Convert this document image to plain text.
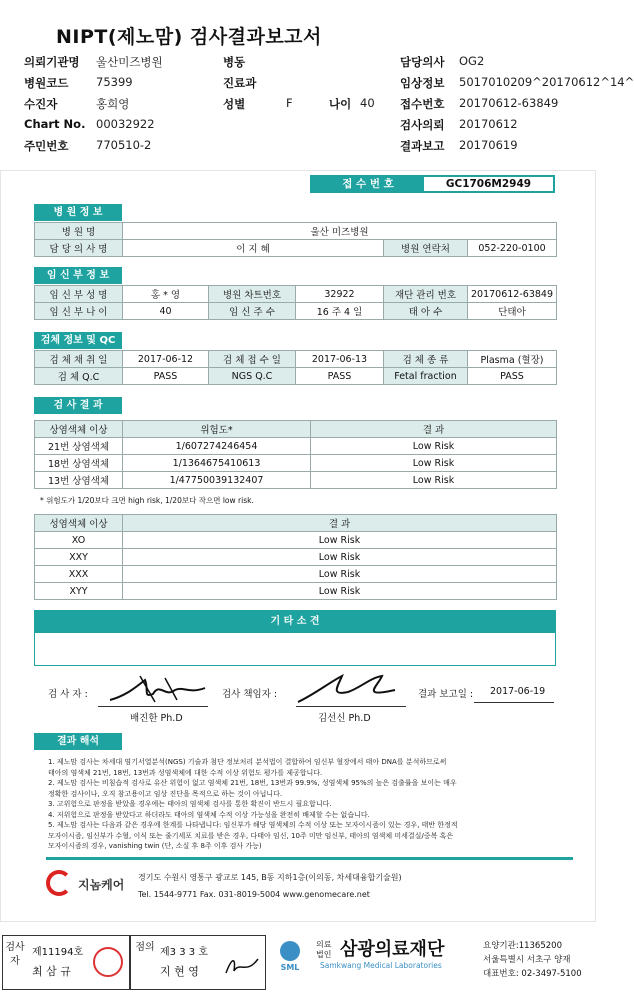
NIPT(제노맘) 검사결과보고서
의뢰기관명 울산미즈병원	병동	담당의사 OG2
병원코드 75399	진료과	임상정보 5017010209^20170612^14^
수진자	홍희영	성별	F	나이 40 접수번호 20170612-63849
Chart No. 00032922	검사의뢰 20170612
주민번호 770510-2	결과보고 20170619
접 수 번 호	GC1706M2949
병 원 정 보
병 원 명	울산 미즈병원		
담 당 의 사 명	이 지 혜	병원 연락처	052-220-0100
임 신 부 정 보
임 신 부 성 명	홍 * 영	병원 차트번호	32922	재단 관리 번호	20170612-63849
임 신 부 나 이	40	임 신 주 수	16 주 4 일	태 아 수	단태아
검체 정보 및 QC
검 체 채 취 일	2017-06-12	검 체 접 수 일	2017-06-13	검 체 종 류	Plasma (혈장)
검 체 Q.C	PASS	NGS Q.C	PASS	Fetal fraction	PASS
검 사 결 과
상염색체 이상	위험도*	결 과
21번 상염색체	1/607274246454	Low Risk
18번 상염색체	1/1364675410613	Low Risk
13번 상염색체	1/47750039132407	Low Risk
* 위험도가 1/20보다 크면 high risk, 1/20보다 작으면 low risk.
성염색체 이상	결 과
XO	Low Risk
XXY	Low Risk
XXX	Low Risk
XYY	Low Risk
기 타 소 견
검 사 자 :
배진한 Ph.D
검사 책임자 :
김선신 Ph.D
결과 보고일 : 2017-06-19
결과 해석
1. 제노맘 검사는 차세대 염기서열분석(NGS) 기술과 첨단 정보처리 분석법이 결합하여 임신부 혈장에서 태아 DNA를 분석하므로써
태아의 염색체 21번, 18번, 13번과 성염색체에 대한 수적 이상 위험도 평가를 제공합니다.
2. 제노맘 검사는 비침습적 검사로 유산 위험이 없고 염색체 21번, 18번, 13번과 99.9%, 성염색체 95%의 높은 검출률을 보이는 매우
정확한 검사이나, 오직 참고용이고 임상 진단을 목적으로 하는 것이 아닙니다.
3. 고위험으로 판정을 받았을 경우에는 태아의 염색체 검사를 통한 확진이 반드시 필요합니다.
4. 저위험으로 판정을 받았다고 하더라도 태아의 염색체 수적 이상 가능성을 완전히 배제할 수는 없습니다.
5. 제노맘 검사는 다음과 같은 경우에 한계를 나타냅니다: 임신부가 해당 염색체의 수적 이상 또는 모자이시즘이 있는 경우, 태반 한정적
모자이시즘, 임신부가 수혈, 이식 또는 줄기세포 치료를 받은 경우, 다태아 임신, 10주 미만 임신부, 태아의 염색체 미세결실/중복 혹은
모자이시즘의 경우, vanishing twin (단, 소실 후 8주 이후 검사 가능)
지놈케어
경기도 수원시 영통구 광교로 145, B동 지하1층(이의동, 차세대융합기술원)
Tel. 1544-9771 Fax. 031-8019-5004 www.genomecare.net
검사자
제11194호
최 삼 규
점의 제3 3 3 호
지 현 영	SML
의료법인 삼광의료재단
Samkwang Medical Laboratories
요양기관:11365200
서울특별시 서초구 양재
대표번호: 02-3497-5100
